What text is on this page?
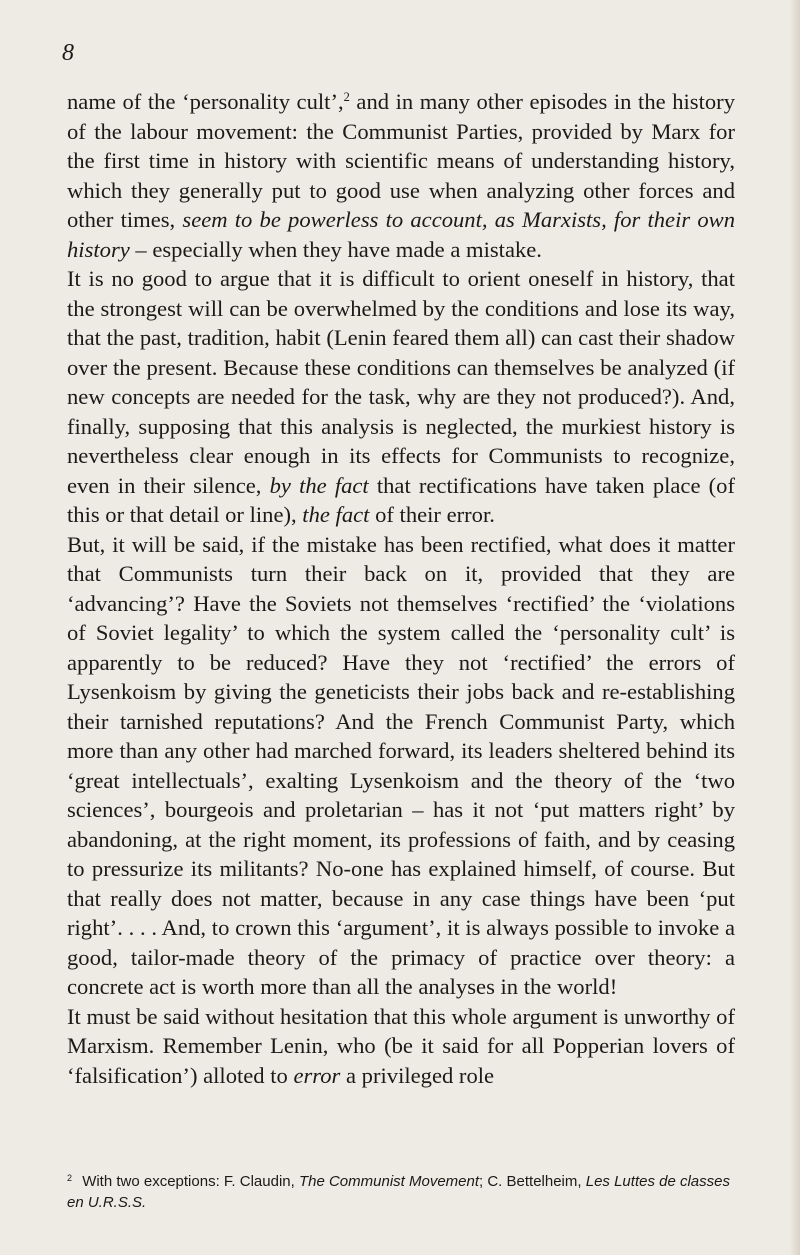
8

name of the ‘personality cult’,$^2$ and in many other episodes in the history of the labour movement: the Communist Parties, provided by Marx for the first time in history with scientific means of understanding history, which they generally put to good use when analyzing other forces and other times, seem to be powerless to account, as Marxists, for their own history – especially when they have made a mistake.

It is no good to argue that it is difficult to orient oneself in history, that the strongest will can be overwhelmed by the conditions and lose its way, that the past, tradition, habit (Lenin feared them all) can cast their shadow over the present. Because these conditions can themselves be analyzed (if new concepts are needed for the task, why are they not produced?). And, finally, supposing that this analysis is neglected, the murkiest history is nevertheless clear enough in its effects for Communists to recognize, even in their silence, by the fact that rectifications have taken place (of this or that detail or line), the fact of their error.

But, it will be said, if the mistake has been rectified, what does it matter that Communists turn their back on it, provided that they are ‘advancing’? Have the Soviets not themselves ‘rectified’ the ‘violations of Soviet legality’ to which the system called the ‘personality cult’ is apparently to be reduced? Have they not ‘rectified’ the errors of Lysenkoism by giving the geneticists their jobs back and re-establishing their tarnished reputations? And the French Communist Party, which more than any other had marched forward, its leaders sheltered behind its ‘great intellectuals’, exalting Lysenkoism and the theory of the ‘two sciences’, bourgeois and proletarian – has it not ‘put matters right’ by abandoning, at the right moment, its professions of faith, and by ceasing to pressurize its militants? No-one has explained himself, of course. But that really does not matter, because in any case things have been ‘put right’. . . . And, to crown this ‘argument’, it is always possible to invoke a good, tailor-made theory of the primacy of practice over theory: a concrete act is worth more than all the analyses in the world!

It must be said without hesitation that this whole argument is unworthy of Marxism. Remember Lenin, who (be it said for all Popperian lovers of ‘falsification’) alloted to error a privileged role

$^2$ With two exceptions: F. Claudin, The Communist Movement; C. Bettelheim, Les Luttes de classes en U.R.S.S.
